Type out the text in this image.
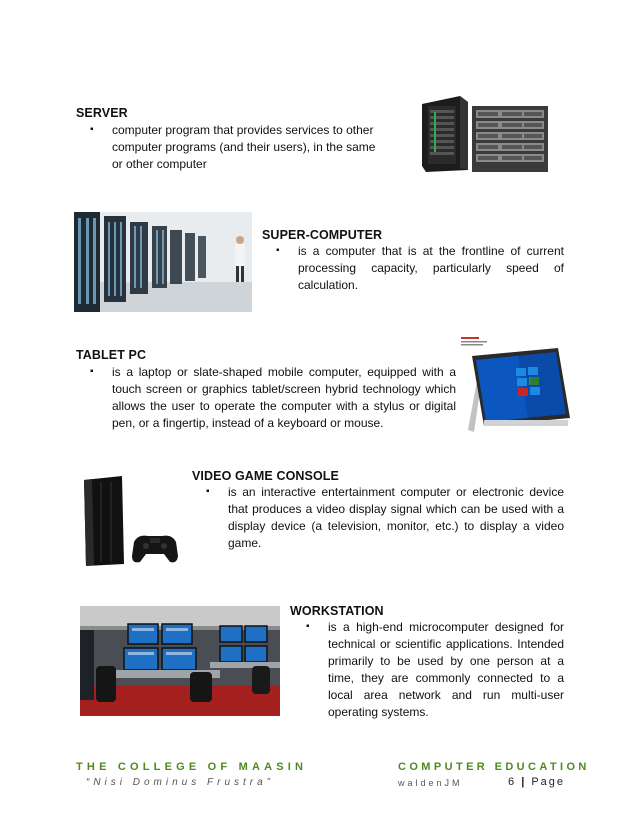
SERVER
▪	computer program that provides services to other
computer programs (and their users), in the same
or other computer
SUPER-COMPUTER
▪	is a computer that is at the frontline of current processing capacity, particularly speed of calculation.
TABLET PC
▪	is a laptop or slate-shaped mobile computer, equipped with a touch screen or graphics tablet/screen hybrid technology which allows the user to operate the computer with a stylus or digital pen, or a fingertip, instead of a keyboard or mouse.
VIDEO GAME CONSOLE
▪	is an interactive entertainment computer or electronic device that produces a video display signal which can be used with a display device (a television, monitor, etc.) to display a video game.
WORKSTATION
▪	is a high-end microcomputer designed for technical or scientific applications. Intended primarily to be used by one person at a time, they are commonly connected to a local area network and run multi-user operating systems.
THE COLLEGE OF MAASIN
“Nisi Dominus Frustra”
COMPUTER EDUCATION
waldenJM	6 | Page
